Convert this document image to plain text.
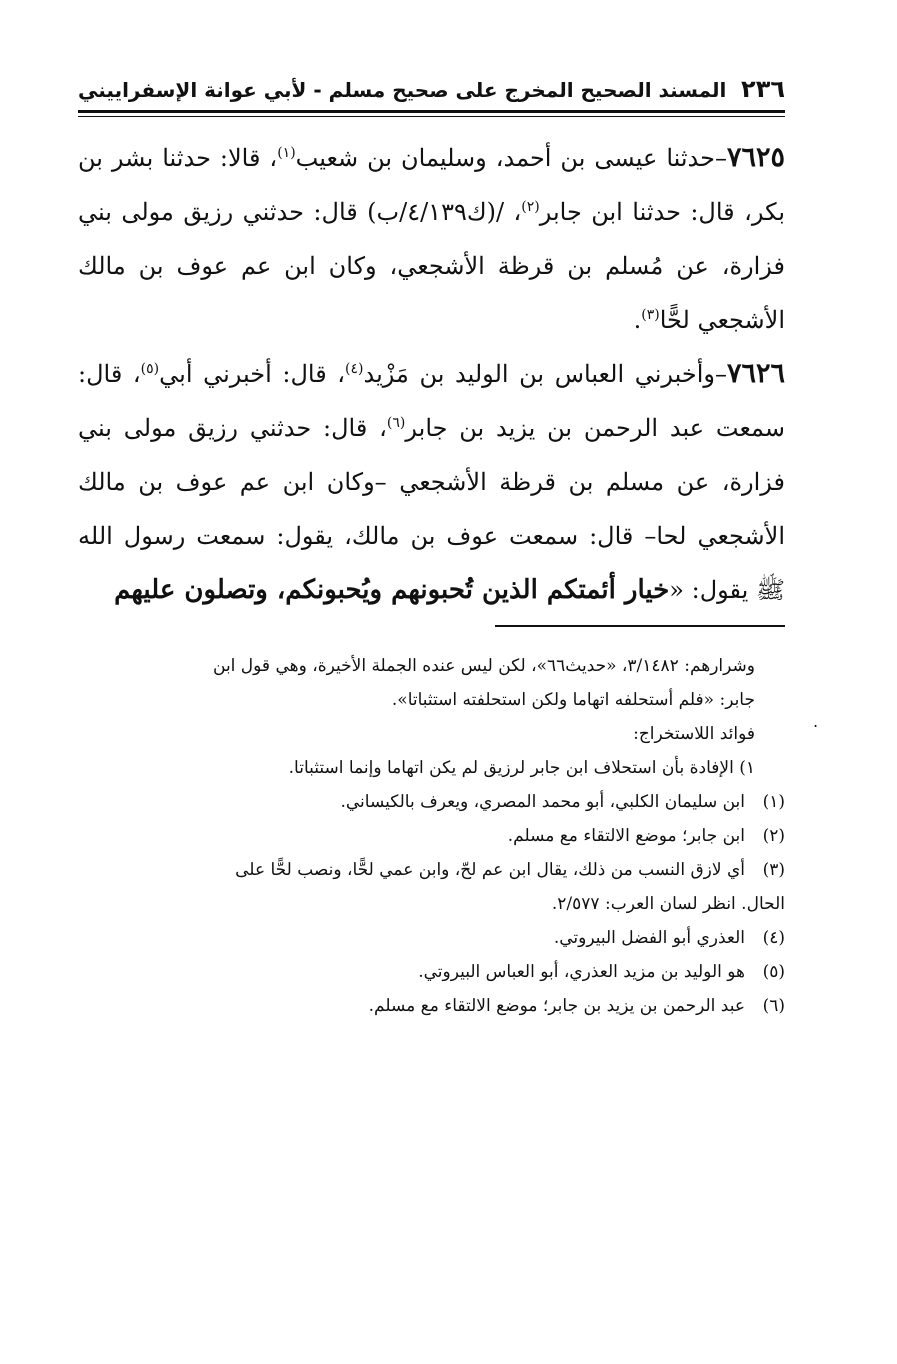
.
٢٣٦
المسند الصحيح المخرج على صحيح مسلم - لأبي عوانة الإسفراييني

٧٦٢٥–حدثنا عيسى بن أحمد، وسليمان بن شعيب$^{(١)}$، قالا: حدثنا بشر بن بكر، قال: حدثنا ابن جابر$^{(٢)}$، /(ك٤/١٣٩/ب) قال: حدثني رزيق مولى بني فزارة، عن مُسلم بن قرظة الأشجعي، وكان ابن عم عوف بن مالك الأشجعي لحًّا$^{(٣)}$.

٧٦٢٦–وأخبرني العباس بن الوليد بن مَزْيد$^{(٤)}$، قال: أخبرني أبي$^{(٥)}$، قال: سمعت عبد الرحمن بن يزيد بن جابر$^{(٦)}$، قال: حدثني رزيق مولى بني فزارة، عن مسلم بن قرظة الأشجعي –وكان ابن عم عوف بن مالك الأشجعي لحا– قال: سمعت عوف بن مالك، يقول: سمعت رسول الله ﷺ يقول: «خيار أئمتكم الذين تُحبونهم ويُحبونكم، وتصلون عليهم

وشرارهم: ٣/١٤٨٢، «حديث٦٦»، لكن ليس عنده الجملة الأخيرة، وهي قول ابن
جابر: «فلم أستحلفه اتهاما ولكن استحلفته استثباتا».
فوائد اللاستخراج:
١) الإفادة بأن استحلاف ابن جابر لرزيق لم يكن اتهاما وإنما استثباتا.
(١)
ابن سليمان الكلبي، أبو محمد المصري، ويعرف بالكيساني.
(٢)
ابن جابر؛ موضع الالتقاء مع مسلم.
(٣)
أي لازق النسب من ذلك، يقال ابن عم لحّ، وابن عمي لحًّا، ونصب لحًّا على
الحال. انظر لسان العرب: ٢/٥٧٧.
(٤)
العذري أبو الفضل البيروتي.
(٥)
هو الوليد بن مزيد العذري، أبو العباس البيروتي.
(٦)
عبد الرحمن بن يزيد بن جابر؛ موضع الالتقاء مع مسلم.
